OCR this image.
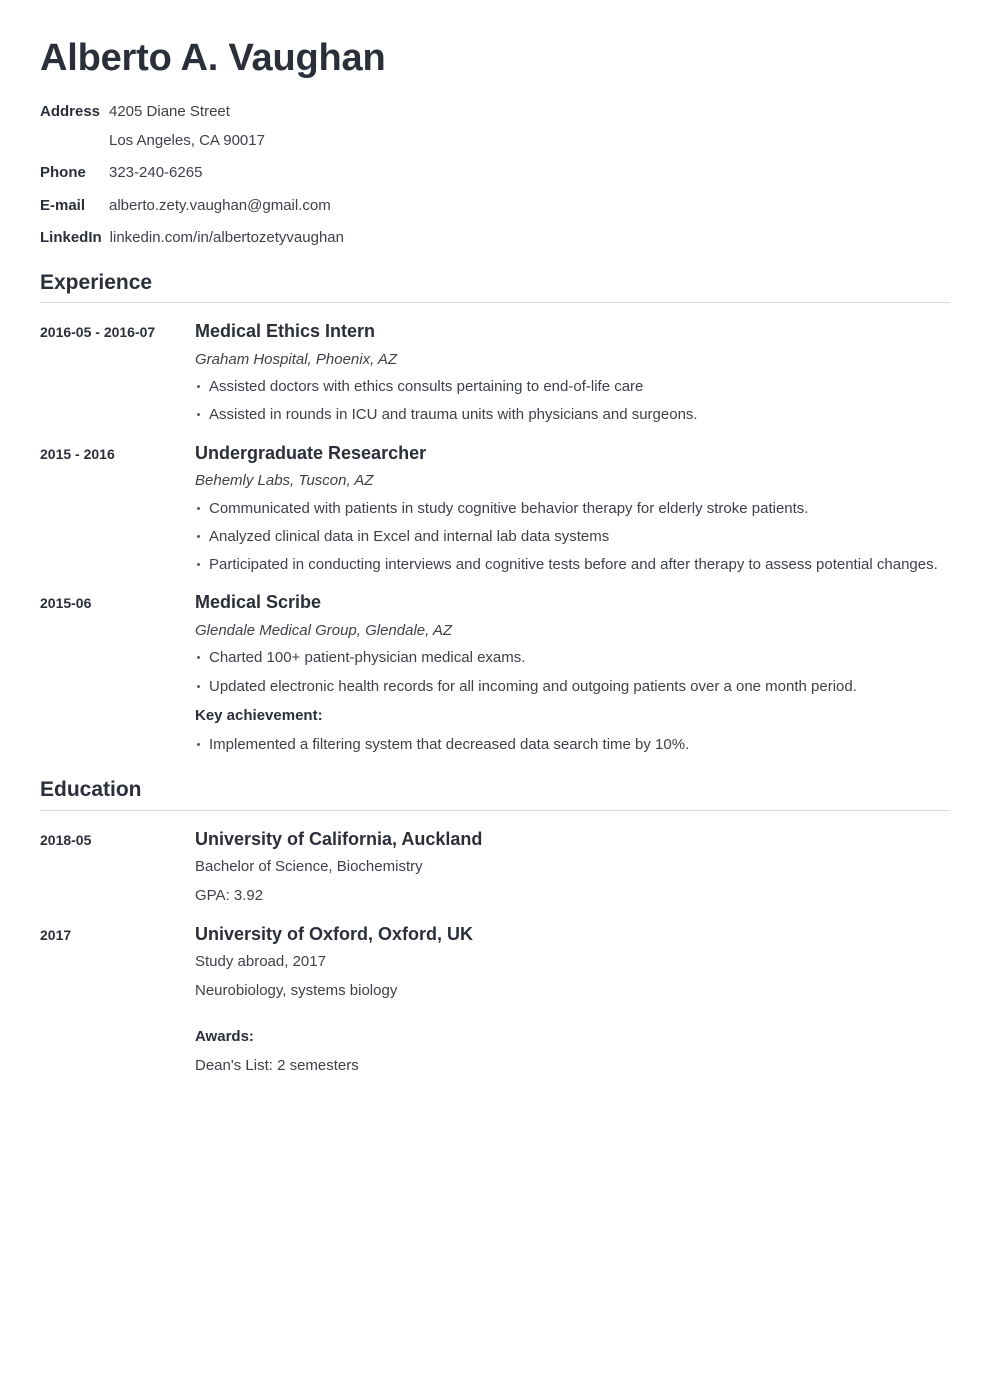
Alberto A. Vaughan
Address 4205 Diane Street
Los Angeles, CA 90017
Phone	323-240-6265
E-mail	alberto.zety.vaughan@gmail.com
LinkedIn linkedin.com/in/albertozetyvaughan
Experience
2016-05 - 2016-07	Medical Ethics Intern
Graham Hospital, Phoenix, AZ
Assisted doctors with ethics consults pertaining to end-of-life care
Assisted in rounds in ICU and trauma units with physicians and surgeons.
2015 - 2016	Undergraduate Researcher
Behemly Labs, Tuscon, AZ
Communicated with patients in study cognitive behavior therapy for elderly stroke patients.
Analyzed clinical data in Excel and internal lab data systems
Participated in conducting interviews and cognitive tests before and after therapy to assess potential changes.
2015-06	Medical Scribe
Glendale Medical Group, Glendale, AZ
Charted 100+ patient-physician medical exams.
Updated electronic health records for all incoming and outgoing patients over a one month period.
Key achievement:
Implemented a filtering system that decreased data search time by 10%.
Education
2018-05	University of California, Auckland
Bachelor of Science, Biochemistry
GPA: 3.92
2017	University of Oxford, Oxford, UK
Study abroad, 2017
Neurobiology, systems biology
Awards:
Dean's List: 2 semesters
